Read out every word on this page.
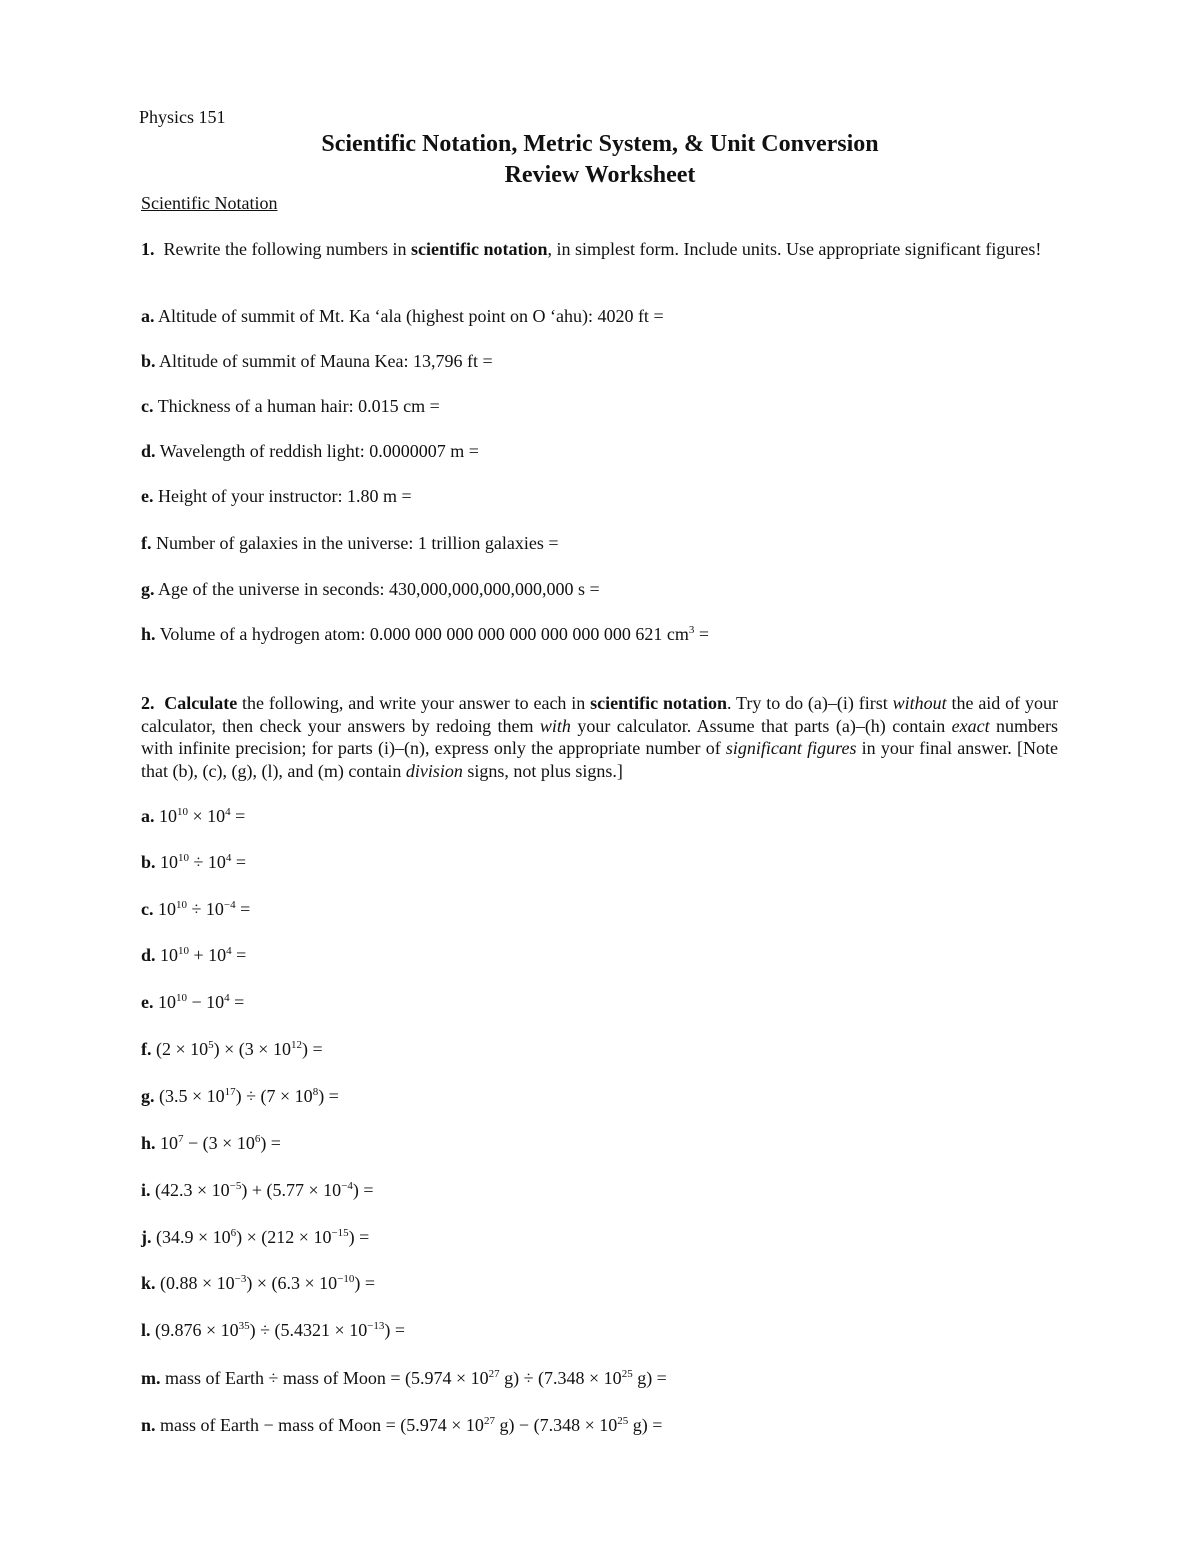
Physics 151
Scientific Notation, Metric System, & Unit Conversion
Review Worksheet
Scientific Notation
1. Rewrite the following numbers in scientific notation, in simplest form. Include units. Use appropriate significant figures!
a. Altitude of summit of Mt. Ka ʻala (highest point on O ʻahu): 4020 ft =
b. Altitude of summit of Mauna Kea: 13,796 ft =
c. Thickness of a human hair: 0.015 cm =
d. Wavelength of reddish light: 0.0000007 m =
e. Height of your instructor: 1.80 m =
f. Number of galaxies in the universe: 1 trillion galaxies =
g. Age of the universe in seconds: 430,000,000,000,000,000 s =
h. Volume of a hydrogen atom: 0.000 000 000 000 000 000 000 000 621 $cm^3$ =
2. Calculate the following, and write your answer to each in scientific notation. Try to do (a)–(i) first without the aid of your calculator, then check your answers by redoing them with your calculator. Assume that parts (a)–(h) contain exact numbers with infinite precision; for parts (i)–(n), express only the appropriate number of significant figures in your final answer. [Note that (b), (c), (g), (l), and (m) contain division signs, not plus signs.]
a. $10^{10} \times 10^4$ =
b. $10^{10} \div 10^4$ =
c. $10^{10} \div 10^{-4}$ =
d. $10^{10} + 10^4$ =
e. $10^{10} - 10^4$ =
f. $(2 \times 10^5) \times (3 \times 10^{12})$ =
g. $(3.5 \times 10^{17}) \div (7 \times 10^8)$ =
h. $10^7 - (3 \times 10^6)$ =
i. $(42.3 \times 10^{-5}) + (5.77 \times 10^{-4})$ =
j. $(34.9 \times 10^6) \times (212 \times 10^{-15})$ =
k. $(0.88 \times 10^{-3}) \times (6.3 \times 10^{-10})$ =
l. $(9.876 \times 10^{35}) \div (5.4321 \times 10^{-13})$ =
m. mass of Earth ÷ mass of Moon = ($5.974 \times 10^{27}$ $g) \div (7.348 \times 10^{25}$ g) =
n. mass of Earth − mass of Moon = ($5.974 \times 10^{27}$ $g) - (7.348 \times 10^{25}$ g) =
